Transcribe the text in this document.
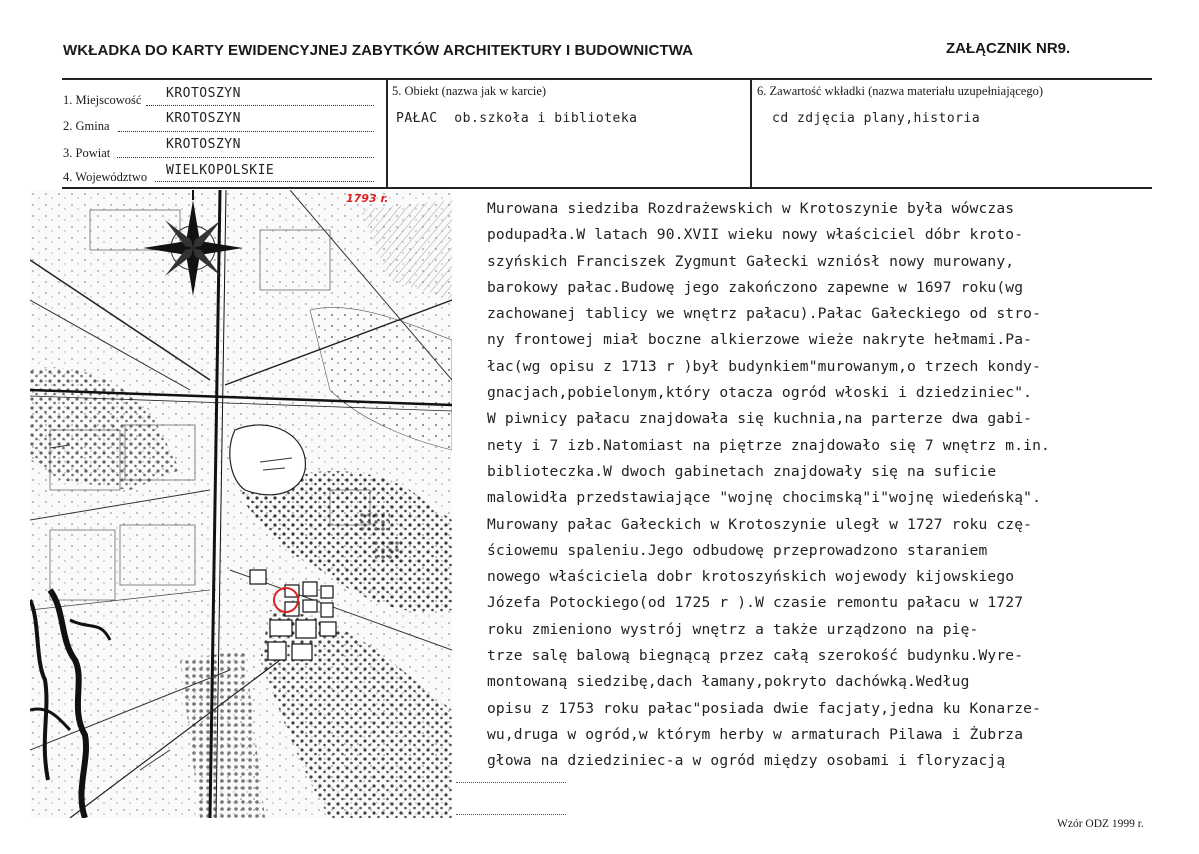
WKŁADKA DO KARTY EWIDENCYJNEJ ZABYTKÓW ARCHITEKTURY I BUDOWNICTWA	ZAŁĄCZNIK NR9.
1. Miejscowość KROTOSZYN
2. Gmina	KROTOSZYN
3. Powiat
KROTOSZYN
4. Województwo WIELKOPOLSKIE
5. Obiekt (nazwa jak w karcie)
PAŁAC  ob.szkoła i biblioteka
6. Zawartość wkładki (nazwa materiału uzupełniającego)
cd zdjęcia plany,historia
1793 r.
Murowana siedziba Rozdrażewskich w Krotoszynie była wówczas
podupadła.W latach 90.XVII wieku nowy właściciel dóbr kroto-
szyńskich Franciszek Zygmunt Gałecki wzniósł nowy murowany,
barokowy pałac.Budowę jego zakończono zapewne w 1697 roku(wg
zachowanej tablicy we wnętrz pałacu).Pałac Gałeckiego od stro-
ny frontowej miał boczne alkierzowe wieże nakryte hełmami.Pa-
łac(wg opisu z 1713 r )był budynkiem"murowanym,o trzech kondy-
gnacjach,pobielonym,który otacza ogród włoski i dziedziniec".
W piwnicy pałacu znajdowała się kuchnia,na parterze dwa gabi-
nety i 7 izb.Natomiast na piętrze znajdowało się 7 wnętrz m.in.
biblioteczka.W dwoch gabinetach znajdowały się na suficie
malowidła przedstawiające "wojnę chocimską"i"wojnę wiedeńską".
Murowany pałac Gałeckich w Krotoszynie uległ w 1727 roku czę-
ściowemu spaleniu.Jego odbudowę przeprowadzono staraniem
nowego właściciela dobr krotoszyńskich wojewody kijowskiego
Józefa Potockiego(od 1725 r ).W czasie remontu pałacu w 1727
roku zmieniono wystrój wnętrz a także urządzono na pię-
trze salę balową biegnącą przez całą szerokość budynku.Wyre-
montowaną siedzibę,dach łamany,pokryto dachówką.Według
opisu z 1753 roku pałac"posiada dwie facjaty,jedna ku Konarze-
wu,druga w ogród,w którym herby w armaturach Pilawa i Żubrza
głowa na dziedziniec-a w ogród między osobami i floryzacją
Wzór ODZ 1999 r.
